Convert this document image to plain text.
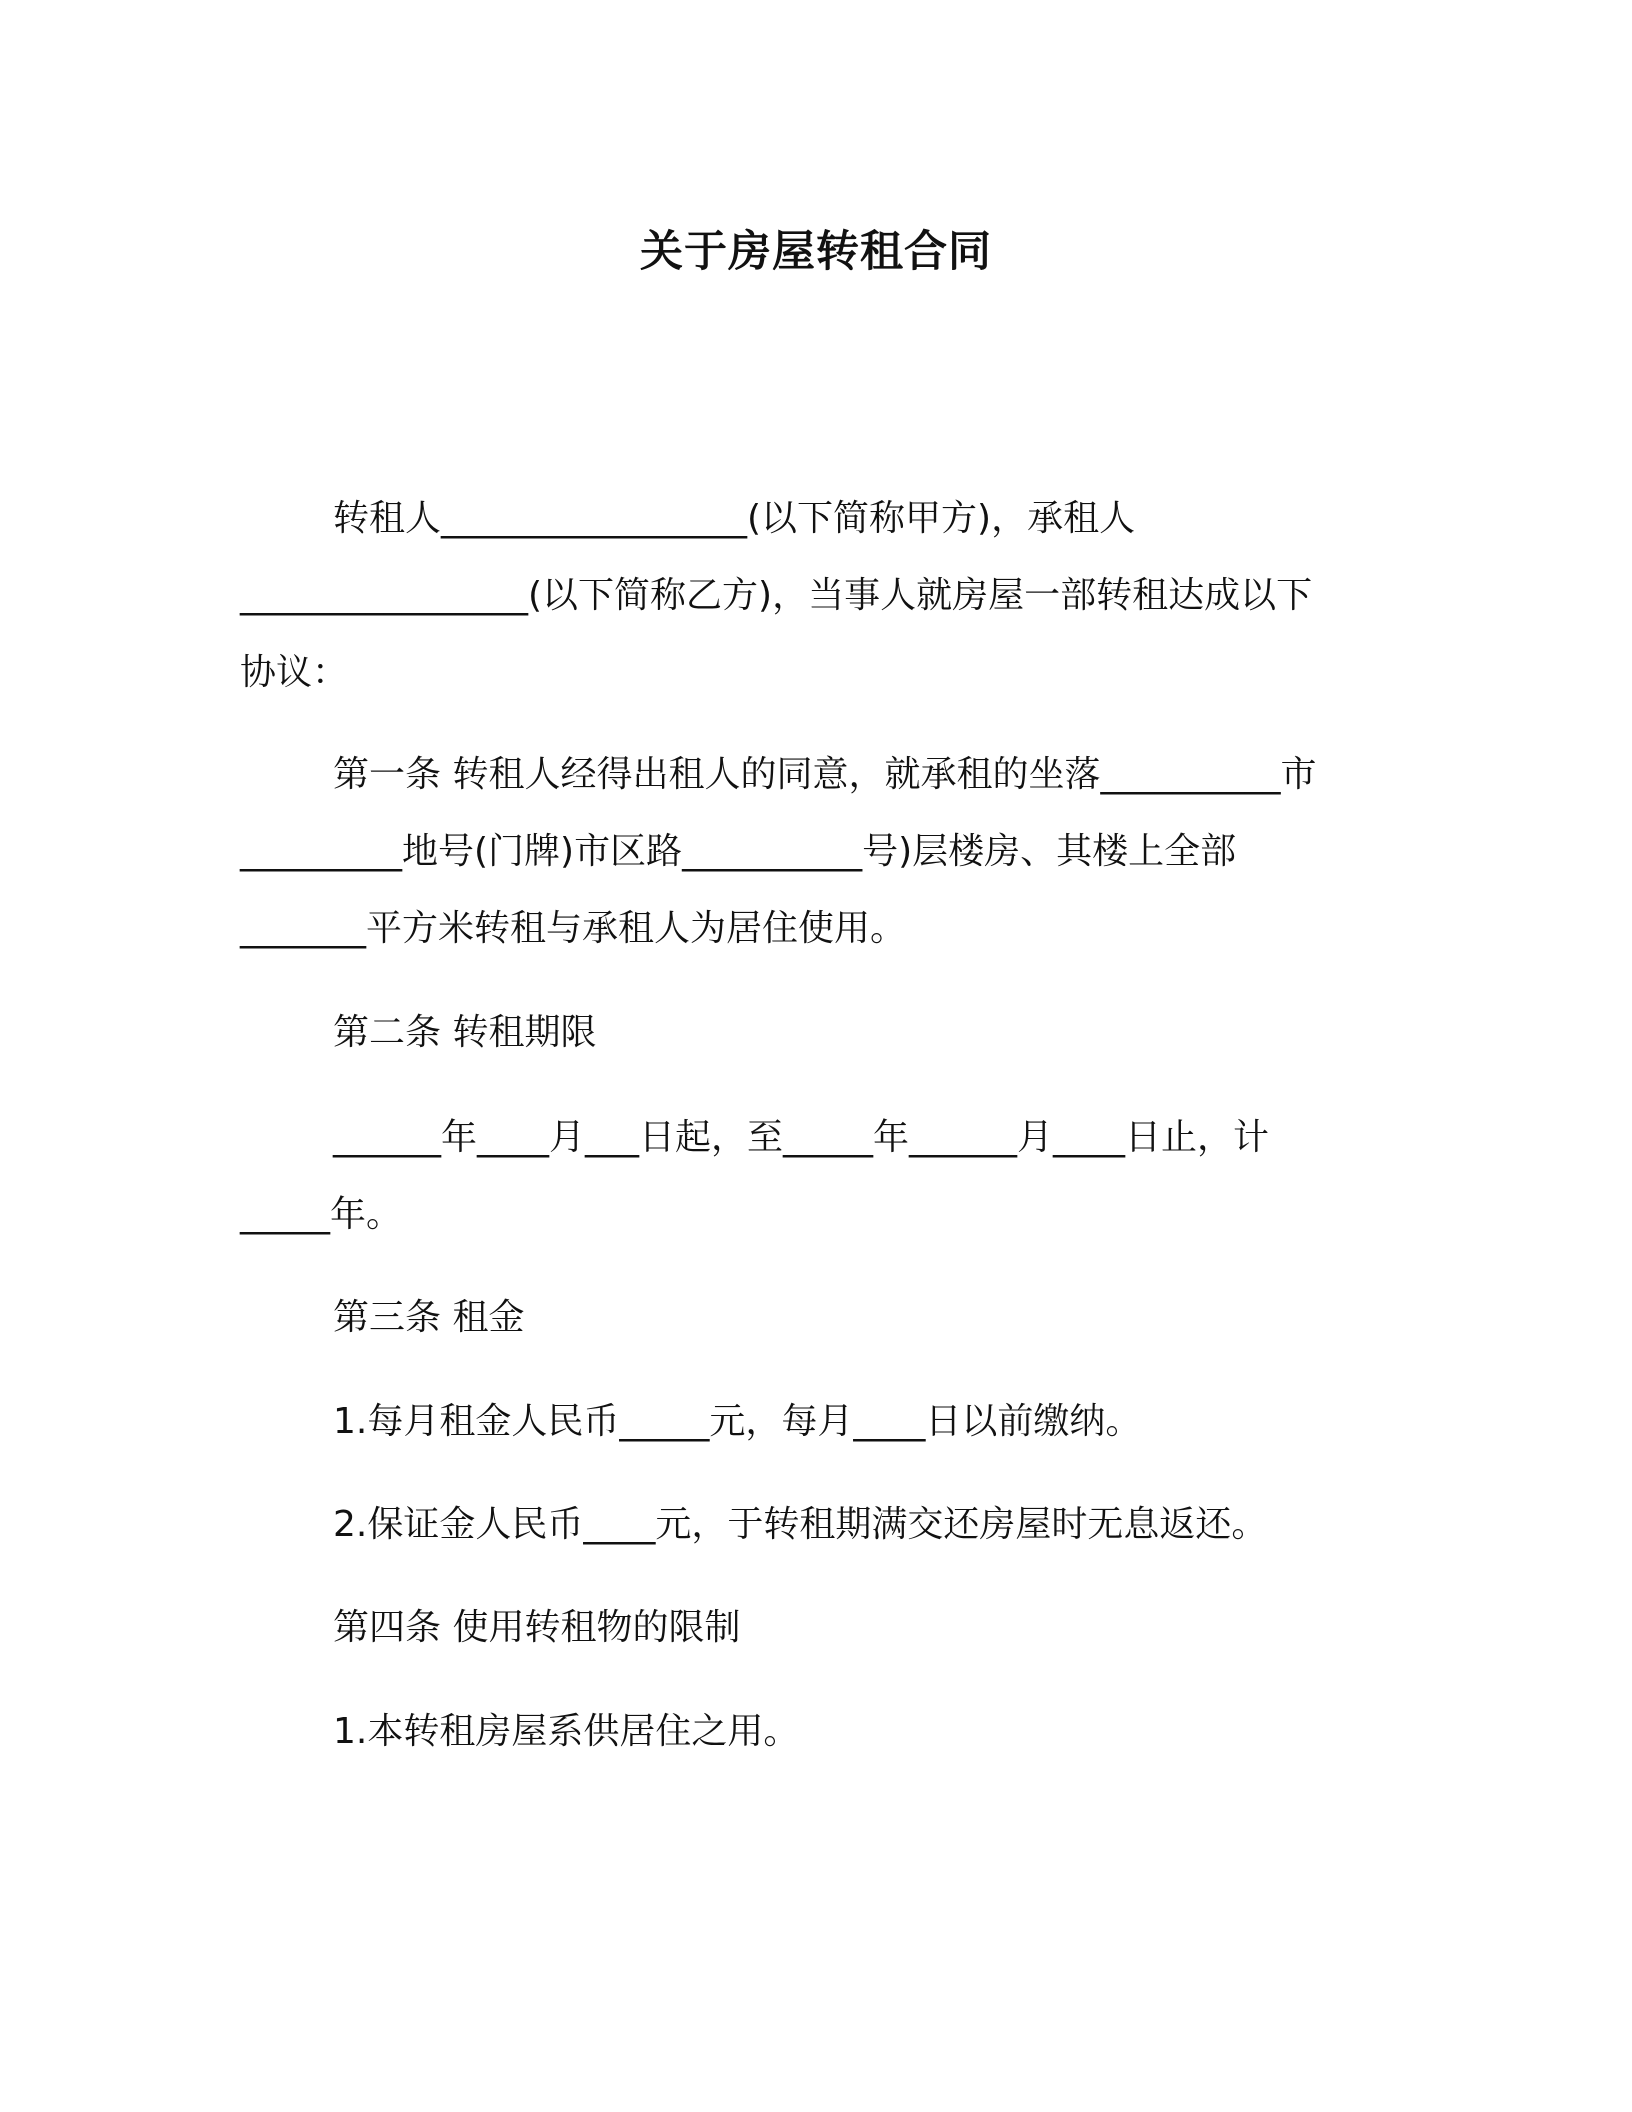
关于房屋转租合同
转租人_________________(以下简称甲方)，承租人
________________(以下简称乙方)，当事人就房屋一部转租达成以下
协议：
第一条 转租人经得出租人的同意，就承租的坐落__________市
_________地号(门牌)市区路__________号)层楼房、其楼上全部
_______平方米转租与承租人为居住使用。
第二条 转租期限
______年____月___日起，至_____年______月____日止，计
_____年。
第三条 租金
1.每月租金人民币_____元，每月____日以前缴纳。
2.保证金人民币____元，于转租期满交还房屋时无息返还。
第四条 使用转租物的限制
1.本转租房屋系供居住之用。
